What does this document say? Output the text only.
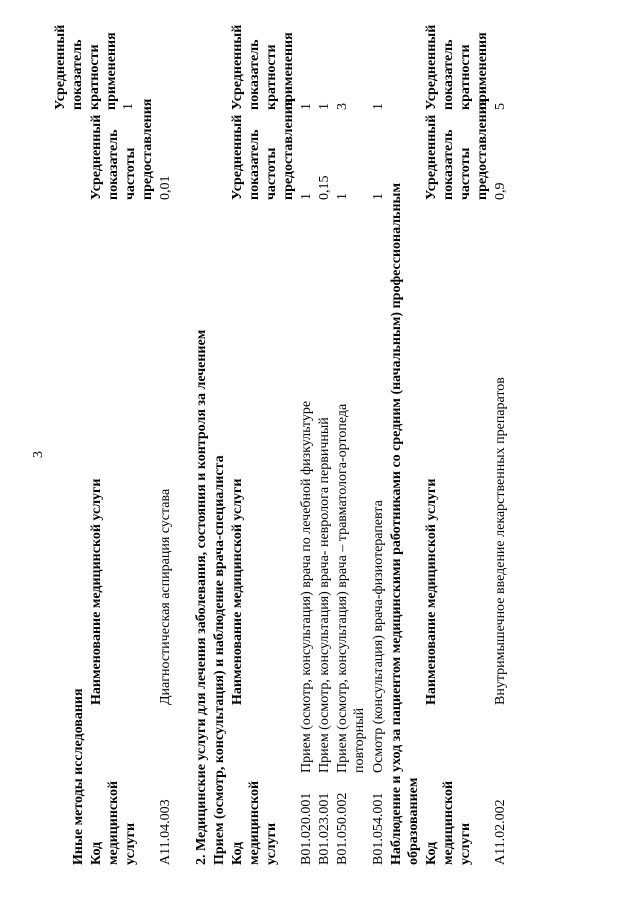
3
Иные методы исследования Код медицинской услуги
Наименование медицинской услуги
Усредненный показатель частоты предоставления
Усредненный показатель кратности применения
A11.04.003
Диагностическая аспирация сустава
0,01
1
2. Медицинские услуги для лечения заболевания, состояния и контроля за лечением Прием (осмотр, консультация) и наблюдение врача-специалиста Код медицинской услуги
Наименование медицинской услуги
Усредненный показатель частоты предоставления
Усредненный показатель кратности применения
B01.020.001
Прием (осмотр, консультация) врача по лечебной физкультуре
1
1
B01.023.001
Прием (осмотр, консультация) врача- невролога первичный
0,15
1
B01.050.002
Прием (осмотр, консультация) врача – травматолога-ортопеда повторный
1
3
B01.054.001
Осмотр (консультация) врача-физиотерапевта
1
1
Наблюдение и уход за пациентом медицинскими работниками со средним (начальным) профессиональным образованием Код медицинской услуги
Наименование медицинской услуги
Усредненный показатель частоты предоставления
Усредненный показатель кратности применения
A11.02.002
Внутримышечное введение лекарственных препаратов
0,9
5
